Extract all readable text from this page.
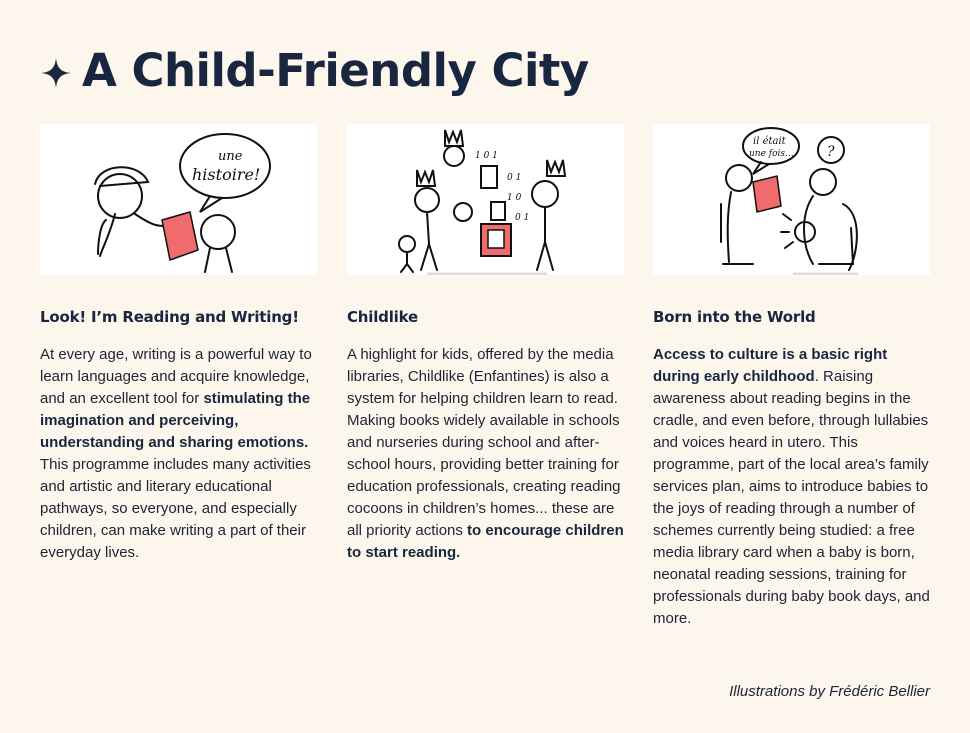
A Child-Friendly City
une
histoire!
Look! I’m Reading and Writing!

At every age, writing is a powerful way to learn languages and acquire knowledge, and an excellent tool for stimulating the imagination and perceiving, understanding and sharing emotions. This programme includes many activities and artistic and literary educational pathways, so everyone, and especially children, can make writing a part of their everyday lives.

1 0 1
0 1
1 0
0 1
Childlike

A highlight for kids, offered by the media libraries, Childlike (Enfantines) is also a system for helping children learn to read. Making books widely available in schools and nurseries during school and after-school hours, providing better training for education professionals, creating reading cocoons in children’s homes... these are all priority actions to encourage children to start reading.

il était
une fois... ?
Born into the World

Access to culture is a basic right during early childhood. Raising awareness about reading begins in the cradle, and even before, through lullabies and voices heard in utero. This programme, part of the local area’s family services plan, aims to introduce babies to the joys of reading through a number of schemes currently being studied: a free media library card when a baby is born, neonatal reading sessions, training for professionals during baby book days, and more.

Illustrations by Frédéric Bellier
